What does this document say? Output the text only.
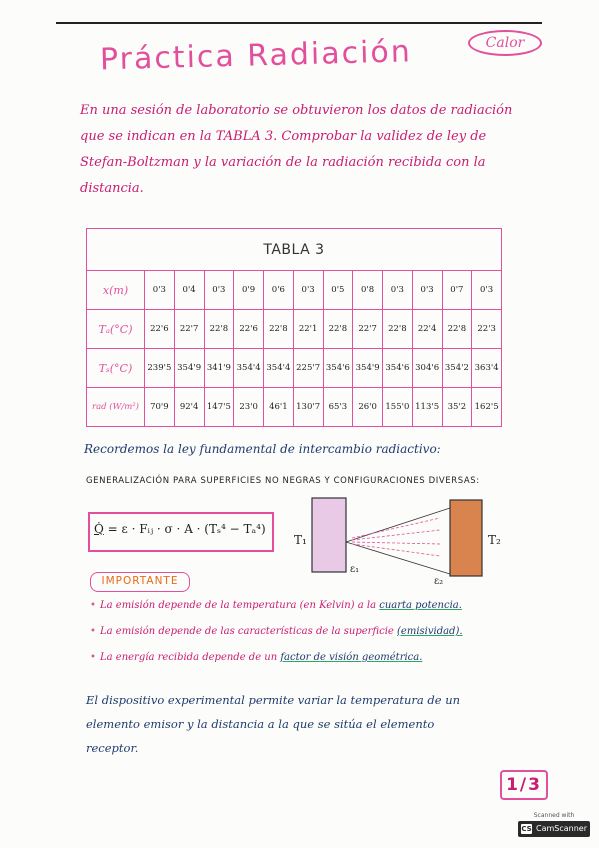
Práctica Radiación	Calor
En una sesión de laboratorio se obtuvieron los datos de radiación
que se indican en la TABLA 3. Comprobar la validez de ley de
Stefan-Boltzman y la variación de la radiación recibida con la
distancia.
TABLA 3												
x(m)	0'3	0'4	0'3	0'9	0'6	0'3	0'5	0'8	0'3	0'3	0'7	0'3
Tₐ(°C)	22'6	22'7	22'8	22'6	22'8	22'1	22'8	22'7	22'8	22'4	22'8	22'3
Tₛ(°C)	239'5	354'9	341'9	354'4	354'4	225'7	354'6	354'9	354'6	304'6	354'2	363'4
rad (W/m²)	70'9	92'4	147'5	23'0	46'1	130'7	65'3	26'0	155'0	113'5	35'2	162'5
Recordemos la ley fundamental de intercambio radiactivo:
GENERALIZACIÓN PARA SUPERFICIES NO NEGRAS Y CONFIGURACIONES DIVERSAS:
Q̇ = ε · Fᵢⱼ · σ · A · (Tₛ⁴ − Tₐ⁴)
T₁	T₂
ε₁
ε₂
IMPORTANTE
• La emisión depende de la temperatura (en Kelvin) a la cuarta potencia.
• La emisión depende de las características de la superficie (emisividad).
• La energía recibida depende de un factor de visión geométrica.
El dispositivo experimental permite variar la temperatura de un
elemento emisor y la distancia a la que se sitúa el elemento
receptor.
1/3
Scanned with
CS CamScanner
